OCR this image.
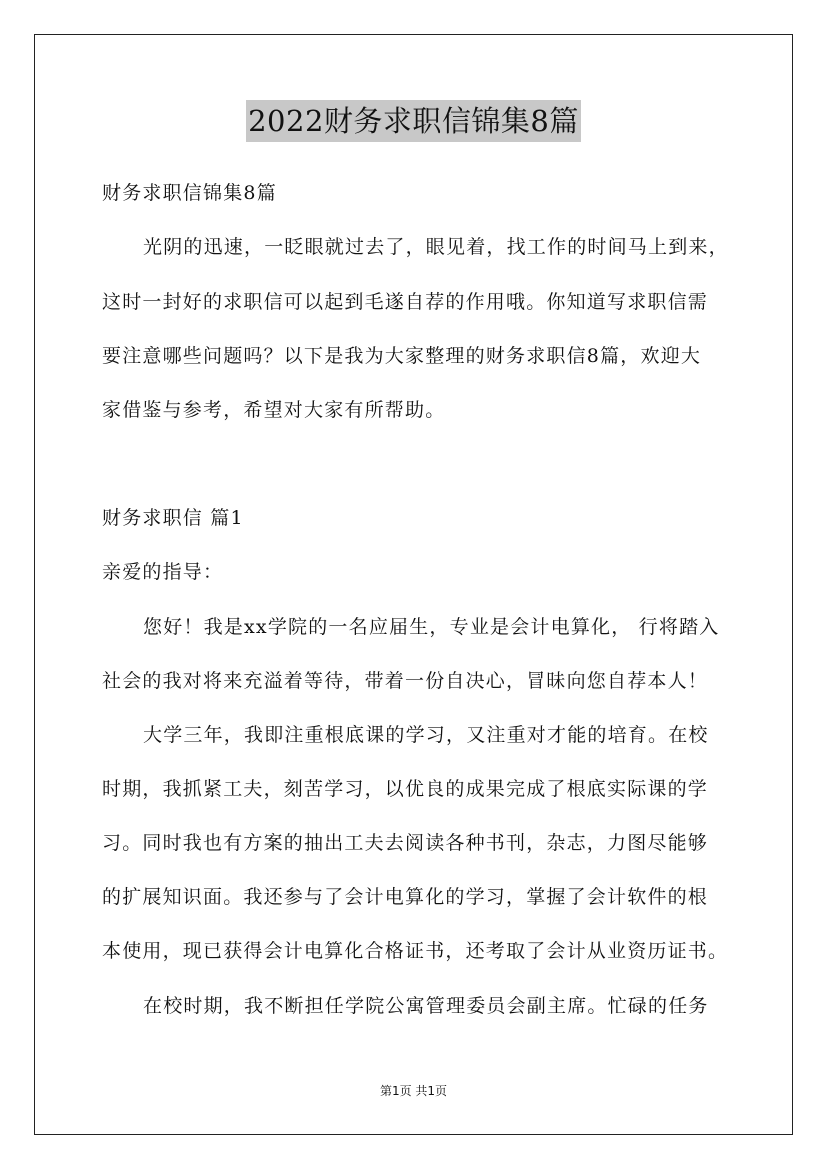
2022财务求职信锦集8篇
财务求职信锦集8篇
光阴的迅速，一眨眼就过去了，眼见着，找工作的时间马上到来，
这时一封好的求职信可以起到毛遂自荐的作用哦。你知道写求职信需
要注意哪些问题吗？以下是我为大家整理的财务求职信8篇，欢迎大
家借鉴与参考，希望对大家有所帮助。
财务求职信 篇1
亲爱的指导：
您好！我是xx学院的一名应届生，专业是会计电算化， 行将踏入
社会的我对将来充溢着等待，带着一份自决心，冒昧向您自荐本人！
大学三年，我即注重根底课的学习，又注重对才能的培育。在校
时期，我抓紧工夫，刻苦学习，以优良的成果完成了根底实际课的学
习。同时我也有方案的抽出工夫去阅读各种书刊，杂志，力图尽能够
的扩展知识面。我还参与了会计电算化的学习，掌握了会计软件的根
本使用，现已获得会计电算化合格证书，还考取了会计从业资历证书。
在校时期，我不断担任学院公寓管理委员会副主席。忙碌的任务
第1页 共1页
